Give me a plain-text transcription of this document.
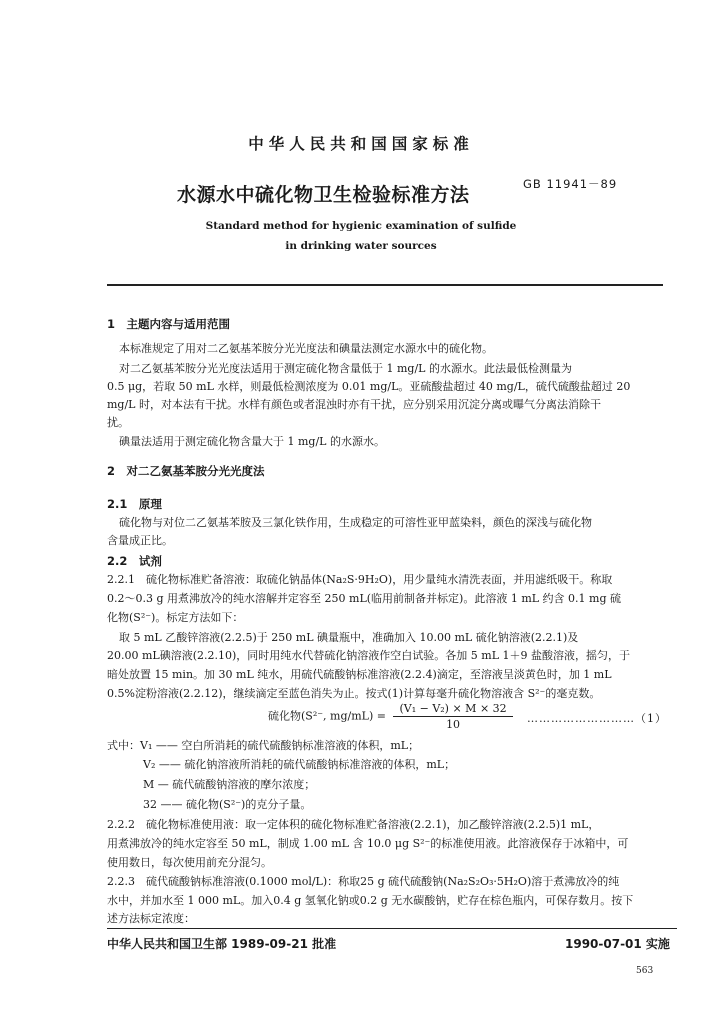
中华人民共和国国家标准
水源水中硫化物卫生检验标准方法	GB 11941－89
Standard method for hygienic examination of sulfide
in drinking water sources
1　主题内容与适用范围
本标准规定了用对二乙氨基苯胺分光光度法和碘量法测定水源水中的硫化物。
对二乙氨基苯胺分光光度法适用于测定硫化物含量低于 1 mg/L 的水源水。此法最低检测量为
0.5 μg，若取 50 mL 水样，则最低检测浓度为 0.01 mg/L。亚硫酸盐超过 40 mg/L，硫代硫酸盐超过 20
mg/L 时，对本法有干扰。水样有颜色或者混浊时亦有干扰，应分别采用沉淀分离或曝气分离法消除干
扰。
碘量法适用于测定硫化物含量大于 1 mg/L 的水源水。
2　对二乙氨基苯胺分光光度法
2.1　原理
硫化物与对位二乙氨基苯胺及三氯化铁作用，生成稳定的可溶性亚甲蓝染料，颜色的深浅与硫化物
含量成正比。
2.2　试剂
2.2.1　硫化物标准贮备溶液：取硫化钠晶体(Na₂S·9H₂O)，用少量纯水清洗表面，并用滤纸吸干。称取
0.2～0.3 g 用煮沸放冷的纯水溶解并定容至 250 mL(临用前制备并标定)。此溶液 1 mL 约含 0.1 mg 硫
化物(S²⁻)。标定方法如下：
取 5 mL 乙酸锌溶液(2.2.5)于 250 mL 碘量瓶中，准确加入 10.00 mL 硫化钠溶液(2.2.1)及
20.00 mL碘溶液(2.2.10)，同时用纯水代替硫化钠溶液作空白试验。各加 5 mL 1＋9 盐酸溶液，摇匀，于
暗处放置 15 min。加 30 mL 纯水，用硫代硫酸钠标准溶液(2.2.4)滴定，至溶液呈淡黄色时，加 1 mL
0.5%淀粉溶液(2.2.12)，继续滴定至蓝色消失为止。按式(1)计算每毫升硫化物溶液含 S²⁻的毫克数。
硫化物(S²⁻, $mg/mL) = \frac{\text{(V₁ − V₂) × M × 32}}{10}$ ………………………（1）
式中：V₁ —— 空白所消耗的硫代硫酸钠标准溶液的体积，mL；
V₂ —— 硫化钠溶液所消耗的硫代硫酸钠标准溶液的体积，mL；
M — 硫代硫酸钠溶液的摩尔浓度；
32 —— 硫化物(S²⁻)的克分子量。
2.2.2　硫化物标准使用液：取一定体积的硫化物标准贮备溶液(2.2.1)，加乙酸锌溶液(2.2.5)1 mL，
用煮沸放冷的纯水定容至 50 mL，制成 1.00 mL 含 10.0 μg S²⁻的标准使用液。此溶液保存于冰箱中，可
使用数日，每次使用前充分混匀。
2.2.3　硫代硫酸钠标准溶液(0.1000 mol/L)：称取25 g 硫代硫酸钠(Na₂S₂O₃·5H₂O)溶于煮沸放冷的纯
水中，并加水至 1 000 mL。加入0.4 g 氢氧化钠或0.2 g 无水碳酸钠，贮存在棕色瓶内，可保存数月。按下
述方法标定浓度：
中华人民共和国卫生部 1989-09-21 批准	1990-07-01 实施
563
